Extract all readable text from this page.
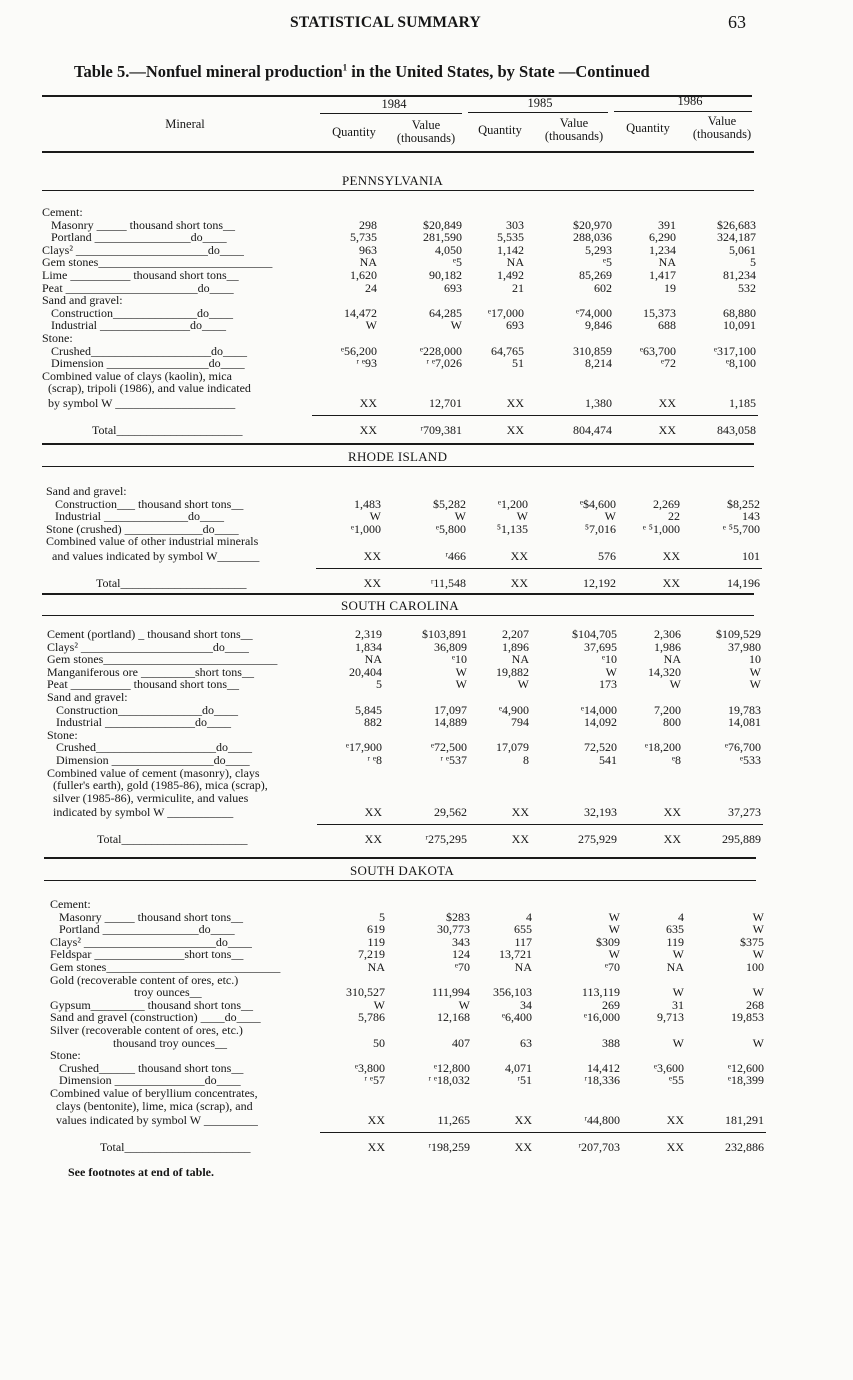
STATISTICAL SUMMARY	63
Table 5.—Nonfuel mineral production$^1$ in the United States, by State —Continued
Mineral
1984	1985	1986
Quantity	Value
(thousands)
Quantity	Value
(thousands)
Quantity	Value
(thousands)
PENNSYLVANIA
Cement:
Masonry _____ thousand short tons__	298	$20,849	303	$20,970	391	$26,683
Portland ________________do____	5,735	281,590	5,535	288,036	6,290	324,187
Clays² ______________________do____	963	4,050	1,142	5,293	1,234	5,061
Gem stones_____________________________	NA	ᵉ5	NA	ᵉ5	NA	5
Lime __________ thousand short tons__	1,620	90,182	1,492	85,269	1,417	81,234
Peat ______________________do____	24	693	21	602	19	532
Sand and gravel:
Construction______________do____	14,472	64,285	ᵉ17,000	ᵉ74,000	15,373	68,880
Industrial _______________do____	W	W	693	9,846	688	10,091
Stone:
Crushed____________________do____	ᵉ56,200	ᵉ228,000	64,765	310,859	ᵉ63,700	ᵉ317,100
Dimension _________________do____	ʳ ᵉ93	ʳ ᵉ7,026	51	8,214	ᵉ72	ᵉ8,100
Combined value of clays (kaolin), mica
(scrap), tripoli (1986), and value indicated
by symbol W ____________________	XX	12,701	XX	1,380	XX	1,185
Total_____________________	XX	ʳ709,381	XX	804,474	XX	843,058
RHODE ISLAND
Sand and gravel:
Construction___ thousand short tons__	1,483	$5,282	ᵉ1,200	ᵉ$4,600	2,269	$8,252
Industrial ______________do____	W	W	W	W	22	143
Stone (crushed) _____________do____	ᵉ1,000	ᵉ5,800	⁵1,135	⁵7,016	ᵉ ⁵1,000	ᵉ ⁵5,700
Combined value of other industrial minerals
and values indicated by symbol W_______	XX	ʳ466	XX	576	XX	101
Total_____________________	XX	ʳ11,548	XX	12,192	XX	14,196
SOUTH CAROLINA
Cement (portland) _ thousand short tons__	2,319	$103,891	2,207	$104,705	2,306	$109,529
Clays² ______________________do____	1,834	36,809	1,896	37,695	1,986	37,980
Gem stones_____________________________	NA	ᵉ10	NA	ᵉ10	NA	10
Manganiferous ore _________short tons__	20,404	W	19,882	W	14,320	W
Peat __________ thousand short tons__	5	W	W	173	W	W
Sand and gravel:
Construction______________do____	5,845	17,097	ᵉ4,900	ᵉ14,000	7,200	19,783
Industrial _______________do____	882	14,889	794	14,092	800	14,081
Stone:
Crushed____________________do____	ᵉ17,900	ᵉ72,500	17,079	72,520	ᵉ18,200	ᵉ76,700
Dimension _________________do____	ʳ ᵉ8	ʳ ᵉ537	8	541	ᵉ8	ᵉ533
Combined value of cement (masonry), clays
(fuller's earth), gold (1985-86), mica (scrap),
silver (1985-86), vermiculite, and values
indicated by symbol W ___________	XX	29,562	XX	32,193	XX	37,273
Total_____________________	XX	ʳ275,295	XX	275,929	XX	295,889
SOUTH DAKOTA
Cement:
Masonry _____ thousand short tons__	5	$283	4	W	4	W
Portland ________________do____	619	30,773	655	W	635	W
Clays² ______________________do____	119	343	117	$309	119	$375
Feldspar _______________short tons__	7,219	124	13,721	W	W	W
Gem stones_____________________________	NA	ᵉ70	NA	ᵉ70	NA	100
Gold (recoverable content of ores, etc.)
troy ounces__	310,527	111,994	356,103	113,119	W	W
Gypsum_________ thousand short tons__	W	W	34	269	31	268
Sand and gravel (construction) ____do____	5,786	12,168	ᵉ6,400	ᵉ16,000	9,713	19,853
Silver (recoverable content of ores, etc.)
thousand troy ounces__	50	407	63	388	W	W
Stone:
Crushed______ thousand short tons__	ᵉ3,800	ᵉ12,800	4,071	14,412	ᵉ3,600	ᵉ12,600
Dimension _______________do____	ʳ ᵉ57	ʳ ᵉ18,032	ʳ51	ʳ18,336	ᵉ55	ᵉ18,399
Combined value of beryllium concentrates,
clays (bentonite), lime, mica (scrap), and
values indicated by symbol W _________	XX	11,265	XX	ʳ44,800	XX	181,291
Total_____________________	XX	ʳ198,259	XX	ʳ207,703	XX	232,886
See footnotes at end of table.
